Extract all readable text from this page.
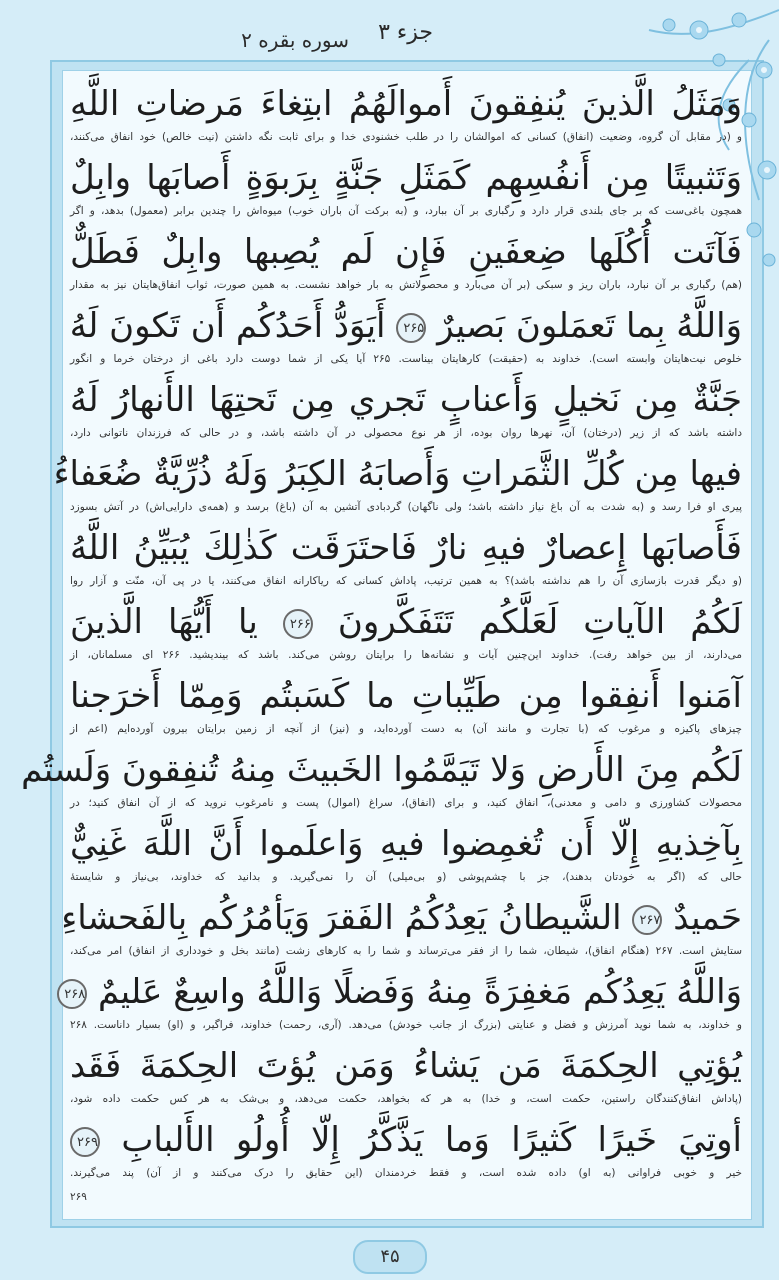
جزء ۳
سوره بقره ۲
وَمَثَلُ الَّذينَ يُنفِقونَ أَموالَهُمُ ابتِغاءَ مَرضاتِ اللَّهِ
و (در مقابل آن گروه، وضعیت (انفاق) کسانی که اموالشان را در طلب خشنودی خدا و برای ثابت نگه داشتن (نیت خالص) خود انفاق می‌کنند،
وَتَثبيتًا مِن أَنفُسِهِم كَمَثَلِ جَنَّةٍ بِرَبوَةٍ أَصابَها وابِلٌ
همچون باغی‌ست که بر جای بلندی قرار دارد و رگباری بر آن ببارد، و (به برکت آن باران خوب) میوه‌اش را چندین برابر (معمول) بدهد، و اگر
فَآتَت أُكُلَها ضِعفَينِ فَإِن لَم يُصِبها وابِلٌ فَطَلٌّ
(هم) رگباری بر آن نبارد، باران ریز و سبکی (بر آن می‌بارد و محصولاتش به بار خواهد نشست. به همین صورت، ثواب انفاق‌هایتان نیز به مقدار
وَاللَّهُ بِما تَعمَلونَ بَصيرٌ ۲۶۵ أَيَوَدُّ أَحَدُكُم أَن تَكونَ لَهُ
خلوص نیت‌هایتان وابسته است). خداوند به (حقیقت) کارهایتان بیناست. ۲۶۵ آیا یکی از شما دوست دارد باغی از درختان خرما و انگور
جَنَّةٌ مِن نَخيلٍ وَأَعنابٍ تَجري مِن تَحتِهَا الأَنهارُ لَهُ
داشته باشد که از زیر (درختان) آن، نهرها روان بوده، از هر نوع محصولی در آن داشته باشد، و در حالی که فرزندان ناتوانی دارد،
فيها مِن كُلِّ الثَّمَراتِ وَأَصابَهُ الكِبَرُ وَلَهُ ذُرِّيَّةٌ ضُعَفاءُ
پیری او فرا رسد و (به شدت به آن باغ نیاز داشته باشد؛ ولی ناگهان) گردبادی آتشین به آن (باغ) برسد و (همه‌ی دارایی‌اش) در آتش بسوزد
فَأَصابَها إِعصارٌ فيهِ نارٌ فَاحتَرَقَت كَذٰلِكَ يُبَيِّنُ اللَّهُ
(و دیگر قدرت بازسازی آن را هم نداشته باشد)؟ به همین ترتیب، پاداش کسانی که ریاکارانه انفاق می‌کنند، یا در پی آن، منّت و آزار روا
لَكُمُ الآياتِ لَعَلَّكُم تَتَفَكَّرونَ ۲۶۶ يا أَيُّهَا الَّذينَ
می‌دارند، از بین خواهد رفت). خداوند این‌چنین آیات و نشانه‌ها را برایتان روشن می‌کند. باشد که بیندیشید. ۲۶۶ ای مسلمانان، از
آمَنوا أَنفِقوا مِن طَيِّباتِ ما كَسَبتُم وَمِمّا أَخرَجنا
چیزهای پاکیزه و مرغوب که (با تجارت و مانند آن) به دست آورده‌اید، و (نیز) از آنچه از زمین برایتان بیرون آورده‌ایم (اعم از
لَكُم مِنَ الأَرضِ وَلا تَيَمَّمُوا الخَبيثَ مِنهُ تُنفِقونَ وَلَستُم
محصولات کشاورزی و دامی و معدنی)، انفاق کنید، و برای (انفاق)، سراغ (اموال) پست و نامرغوب نروید که از آن انفاق کنید؛ در
بِآخِذيهِ إِلّا أَن تُغمِضوا فيهِ وَاعلَموا أَنَّ اللَّهَ غَنِيٌّ
حالی که (اگر به خودتان بدهند)، جز با چشم‌پوشی (و بی‌میلی) آن را نمی‌گیرید. و بدانید که خداوند، بی‌نیاز و شایستهٔ
حَميدٌ ۲۶۷ الشَّيطانُ يَعِدُكُمُ الفَقرَ وَيَأمُرُكُم بِالفَحشاءِ
ستایش است. ۲۶۷ (هنگام انفاق)، شیطان، شما را از فقر می‌ترساند و شما را به کارهای زشت (مانند بخل و خودداری از انفاق) امر می‌کند،
وَاللَّهُ يَعِدُكُم مَغفِرَةً مِنهُ وَفَضلًا وَاللَّهُ واسِعٌ عَليمٌ ۲۶۸
و خداوند، به شما نوید آمرزش و فضل و عنایتی (بزرگ از جانب خودش) می‌دهد. (آری، رحمت) خداوند، فراگیر، و (او) بسیار داناست. ۲۶۸
يُؤتِي الحِكمَةَ مَن يَشاءُ وَمَن يُؤتَ الحِكمَةَ فَقَد
(پاداش انفاق‌کنندگان راستین، حکمت است، و خدا) به هر که بخواهد، حکمت می‌دهد، و بی‌شک به هر کس حکمت داده شود،
أوتِيَ خَيرًا كَثيرًا وَما يَذَّكَّرُ إِلّا أُولُو الأَلبابِ ۲۶۹
خیر و خوبی فراوانی (به او) داده شده است، و فقط خردمندان (این حقایق را درک می‌کنند و از آن) پند می‌گیرند.
۲۶۹
۴۵
